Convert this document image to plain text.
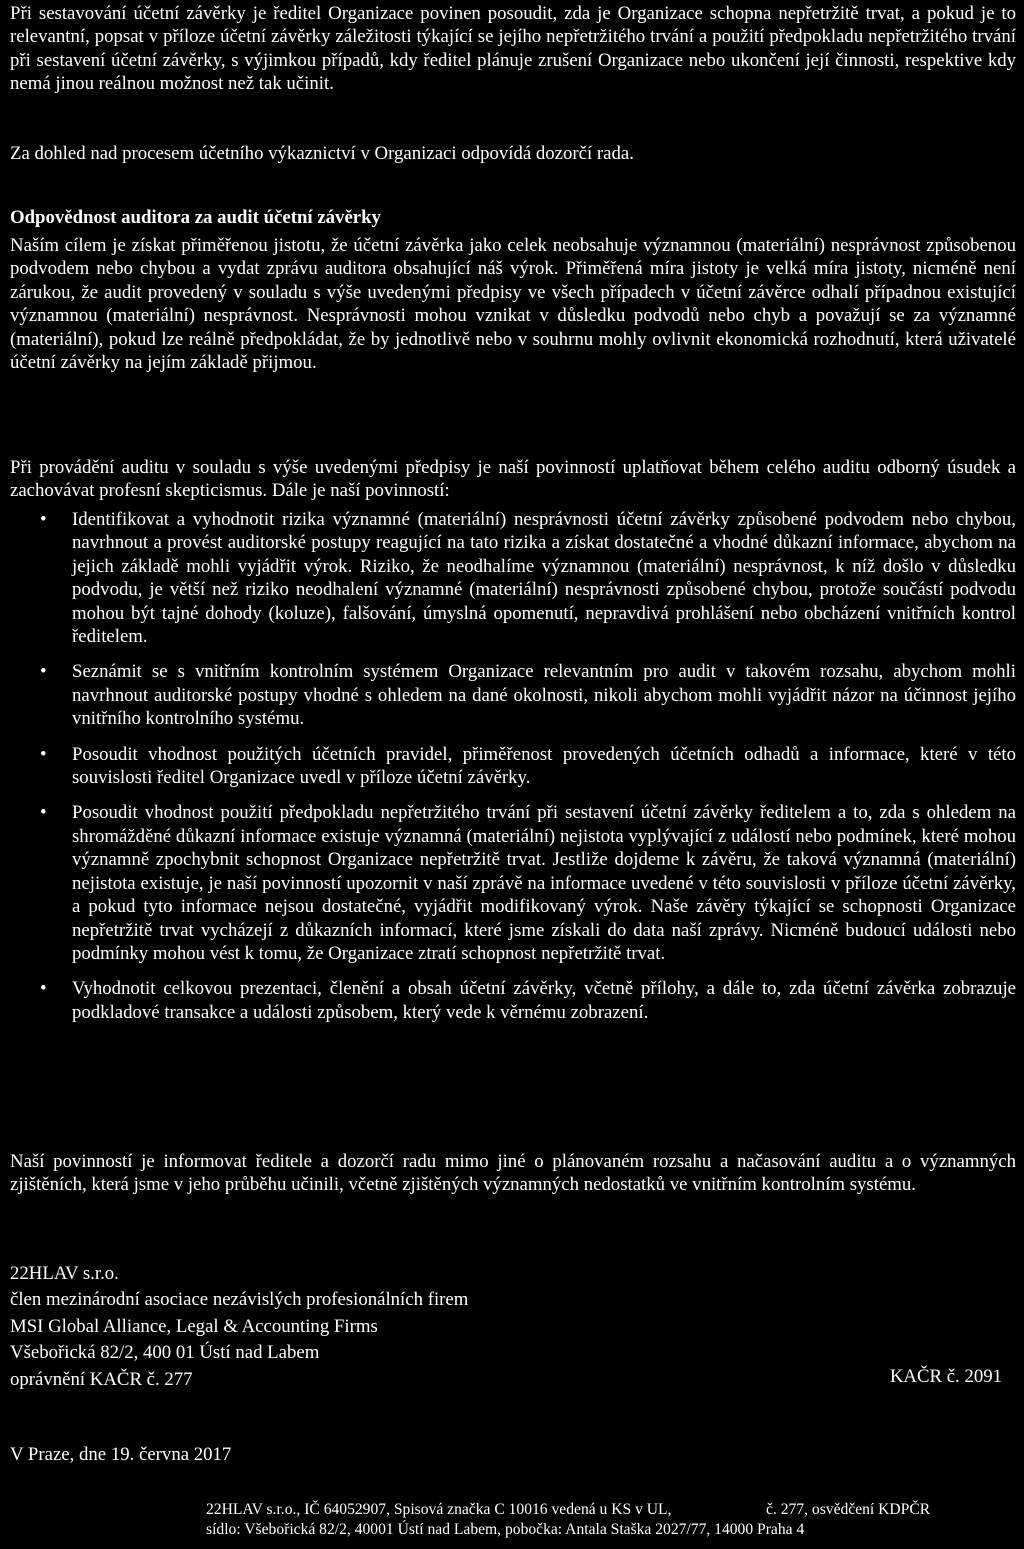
Při sestavování účetní závěrky je ředitel Organizace povinen posoudit, zda je Organizace schopna nepřetržitě trvat, a pokud je to relevantní, popsat v příloze účetní závěrky záležitosti týkající se jejího nepřetržitého trvání a použití předpokladu nepřetržitého trvání při sestavení účetní závěrky, s výjimkou případů, kdy ředitel plánuje zrušení Organizace nebo ukončení její činnosti, respektive kdy nemá jinou reálnou možnost než tak učinit.

Za dohled nad procesem účetního výkaznictví v Organizaci odpovídá dozorčí rada.

Odpovědnost auditora za audit účetní závěrky

Naším cílem je získat přiměřenou jistotu, že účetní závěrka jako celek neobsahuje významnou (materiální) nesprávnost způsobenou podvodem nebo chybou a vydat zprávu auditora obsahující náš výrok. Přiměřená míra jistoty je velká míra jistoty, nicméně není zárukou, že audit provedený v souladu s výše uvedenými předpisy ve všech případech v účetní závěrce odhalí případnou existující významnou (materiální) nesprávnost. Nesprávnosti mohou vznikat v důsledku podvodů nebo chyb a považují se za významné (materiální), pokud lze reálně předpokládat, že by jednotlivě nebo v souhrnu mohly ovlivnit ekonomická rozhodnutí, která uživatelé účetní závěrky na jejím základě přijmou.

Při provádění auditu v souladu s výše uvedenými předpisy je naší povinností uplatňovat během celého auditu odborný úsudek a zachovávat profesní skepticismus. Dále je naší povinností:

• Identifikovat a vyhodnotit rizika významné (materiální) nesprávnosti účetní závěrky způsobené podvodem nebo chybou, navrhnout a provést auditorské postupy reagující na tato rizika a získat dostatečné a vhodné důkazní informace, abychom na jejich základě mohli vyjádřit výrok. Riziko, že neodhalíme významnou (materiální) nesprávnost, k níž došlo v důsledku podvodu, je větší než riziko neodhalení významné (materiální) nesprávnosti způsobené chybou, protože součástí podvodu mohou být tajné dohody (koluze), falšování, úmyslná opomenutí, nepravdivá prohlášení nebo obcházení vnitřních kontrol ředitelem.
• Seznámit se s vnitřním kontrolním systémem Organizace relevantním pro audit v takovém rozsahu, abychom mohli navrhnout auditorské postupy vhodné s ohledem na dané okolnosti, nikoli abychom mohli vyjádřit názor na účinnost jejího vnitřního kontrolního systému.
• Posoudit vhodnost použitých účetních pravidel, přiměřenost provedených účetních odhadů a informace, které v této souvislosti ředitel Organizace uvedl v příloze účetní závěrky.
• Posoudit vhodnost použití předpokladu nepřetržitého trvání při sestavení účetní závěrky ředitelem a to, zda s ohledem na shromážděné důkazní informace existuje významná (materiální) nejistota vyplývající z událostí nebo podmínek, které mohou významně zpochybnit schopnost Organizace nepřetržitě trvat. Jestliže dojdeme k závěru, že taková významná (materiální) nejistota existuje, je naší povinností upozornit v naší zprávě na informace uvedené v této souvislosti v příloze účetní závěrky, a pokud tyto informace nejsou dostatečné, vyjádřit modifikovaný výrok. Naše závěry týkající se schopnosti Organizace nepřetržitě trvat vycházejí z důkazních informací, které jsme získali do data naší zprávy. Nicméně budoucí události nebo podmínky mohou vést k tomu, že Organizace ztratí schopnost nepřetržitě trvat.
• Vyhodnotit celkovou prezentaci, členění a obsah účetní závěrky, včetně přílohy, a dále to, zda účetní závěrka zobrazuje podkladové transakce a události způsobem, který vede k věrnému zobrazení.

Naší povinností je informovat ředitele a dozorčí radu mimo jiné o plánovaném rozsahu a načasování auditu a o významných zjištěních, která jsme v jeho průběhu učinili, včetně zjištěných významných nedostatků ve vnitřním kontrolním systému.

22HLAV s.r.o.

člen mezinárodní asociace nezávislých profesionálních firem

MSI Global Alliance, Legal & Accounting Firms

Všebořická 82/2, 400 01 Ústí nad Labem

oprávnění KAČR č. 277	KAČR č. 2091

V Praze, dne 19. června 2017

22HLAV s.r.o., IČ 64052907, Spisová značka C 10016 vedená u KS v UL,	č. 277, osvědčení KDPČR
sídlo: Všebořická 82/2, 40001 Ústí nad Labem, pobočka: Antala Staška 2027/77, 14000 Praha 4
